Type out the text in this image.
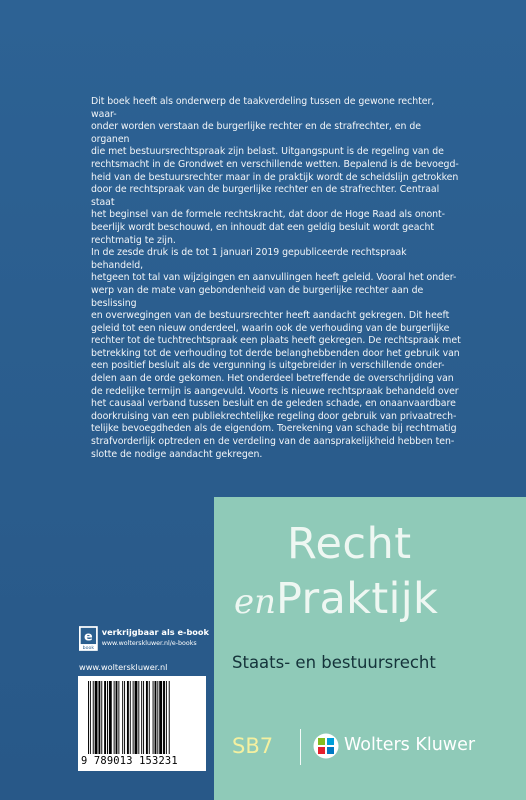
Dit boek heeft als onderwerp de taakverdeling tussen de gewone rechter, waar-

onder worden verstaan de burgerlijke rechter en de strafrechter, en de organen

die met bestuursrechtspraak zijn belast. Uitgangspunt is de regeling van de

rechtsmacht in de Grondwet en verschillende wetten. Bepalend is de bevoegd-

heid van de bestuursrechter maar in de praktijk wordt de scheidslijn getrokken

door de rechtspraak van de burgerlijke rechter en de strafrechter. Centraal staat

het beginsel van de formele rechtskracht, dat door de Hoge Raad als onont-

beerlijk wordt beschouwd, en inhoudt dat een geldig besluit wordt geacht

rechtmatig te zijn.

In de zesde druk is de tot 1 januari 2019 gepubliceerde rechtspraak behandeld,

hetgeen tot tal van wijzigingen en aanvullingen heeft geleid. Vooral het onder-

werp van de mate van gebondenheid van de burgerlijke rechter aan de beslissing

en overwegingen van de bestuursrechter heeft aandacht gekregen. Dit heeft

geleid tot een nieuw onderdeel, waarin ook de verhouding van de burgerlijke

rechter tot de tuchtrechtspraak een plaats heeft gekregen. De rechtspraak met

betrekking tot de verhouding tot derde belanghebbenden door het gebruik van

een positief besluit als de vergunning is uitgebreider in verschillende onder-

delen aan de orde gekomen. Het onderdeel betreffende de overschrijding van

de redelijke termijn is aangevuld. Voorts is nieuwe rechtspraak behandeld over

het causaal verband tussen besluit en de geleden schade, en onaanvaardbare

doorkruising van een publiekrechtelijke regeling door gebruik van privaatrech-

telijke bevoegdheden als de eigendom. Toerekening van schade bij rechtmatig

strafvorderlijk optreden en de verdeling van de aansprakelijkheid hebben ten-

slotte de nodige aandacht gekregen.

e
book
verkrijgbaar als e-book
www.wolterskluwer.nl/e-books
www.wolterskluwer.nl
9 789013 153231
Recht
enPraktijk
Staats- en bestuursrecht
SB7	Wolters Kluwer
